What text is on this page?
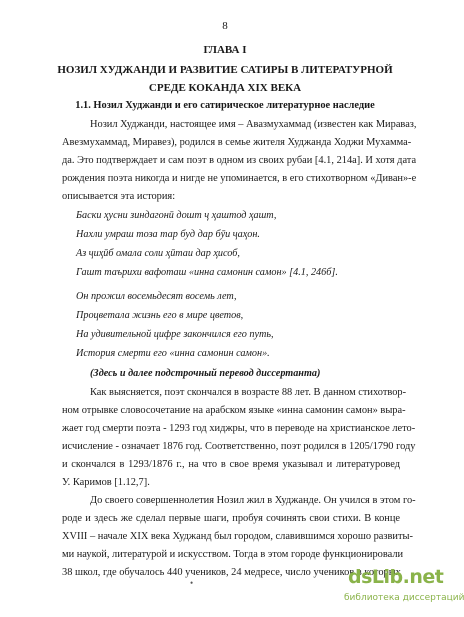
8
ГЛАВА I
НОЗИЛ ХУДЖАНДИ И РАЗВИТИЕ САТИРЫ В ЛИТЕРАТУРНОЙ
СРЕДЕ КОКАНДА XIX ВЕКА
1.1. Нозил Худжанди и его сатирическое литературное наследие
Нозил Худжанди, настоящее имя – Авазмухаммад (известен как Мираваз,
Авезмухаммад, Миравез), родился в семье жителя Худжанда Ходжи Мухамма-
да. Это подтверждает и сам поэт в одном из своих рубаи [4.1, 214а]. И хотя дата
рождения поэта никогда и нигде не упоминается, в его стихотворном «Диван»-е
описывается эта история:
Баски ҳусни зиндагонӣ дошт ҷ ҳаштод ҳашт,
Нахли умраш тоза тар буд дар бӯи ҷаҳон.
Аз ҷиҳӣб омала соли ҳӣтаи дар ҳисоб,
Гашт таърихи вафоташ «инна самонин самон» [4.1, 246б].
Он прожил восемьдесят восемь лет,
Процветала жизнь его в мире цветов,
На удивительной цифре закончился его путь,
История смерти его «инна самонин самон».
(Здесь и далее подстрочный перевод диссертанта)
Как выясняется, поэт скончался в возрасте 88 лет. В данном стихотвор-
ном отрывке словосочетание на арабском языке «инна самонин самон» выра-
жает год смерти поэта - 1293 год хиджры, что в переводе на христианское лето-
исчисление - означает 1876 год. Соответственно, поэт родился в 1205/1790 году
и скончался в 1293/1876 г., на что в свое время указывал и литературовед
У. Каримов [1.12,7].
До своего совершеннолетия Нозил жил в Худжанде. Он учился в этом го-
роде и здесь же сделал первые шаги, пробуя сочинять свои стихи. В конце
XVIII – начале XIX века Худжанд был городом, славившимся хорошо развиты-
ми наукой, литературой и искусством. Тогда в этом городе функционировали
38 школ, где обучалось 440 учеников, 24 медресе, число учеников в которых
•	dsLib.net
библиотека диссертаций
